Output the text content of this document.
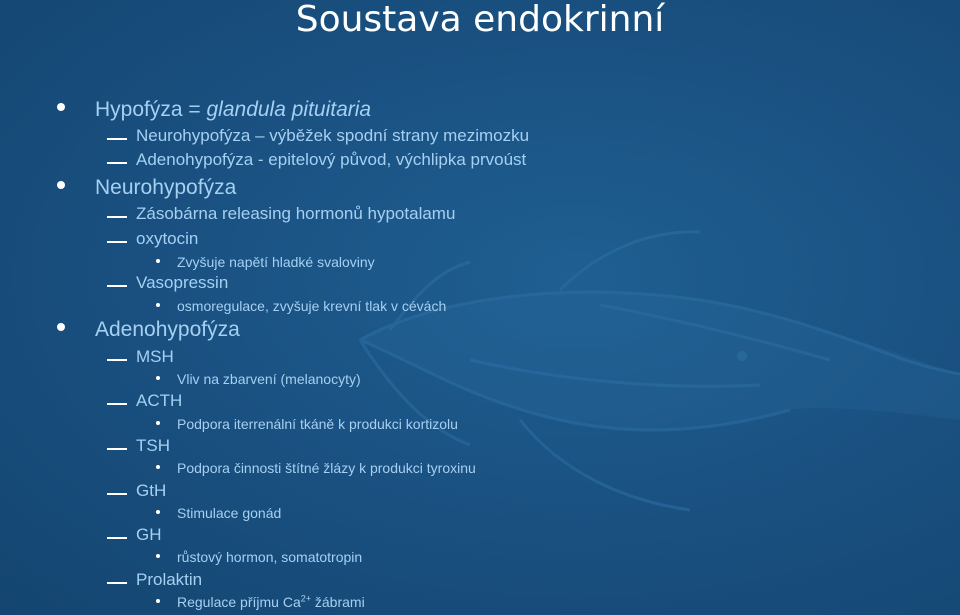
Soustava endokrinní
Hypofýza = glandula pituitaria
Neurohypofýza – výběžek spodní strany mezimozku
Adenohypofýza - epitelový původ, výchlipka prvoúst
Neurohypofýza
Zásobárna releasing hormonů hypotalamu
oxytocin
Zvyšuje napětí hladké svaloviny
Vasopressin
osmoregulace, zvyšuje krevní tlak v cévách
Adenohypofýza
MSH
Vliv na zbarvení (melanocyty)
ACTH
Podpora iterrenální tkáně k produkci kortizolu
TSH
Podpora činnosti štítné žlázy k produkci tyroxinu
GtH
Stimulace gonád
GH
růstový hormon, somatotropin
Prolaktin
Regulace příjmu $Ca^{2+}$ žábrami
